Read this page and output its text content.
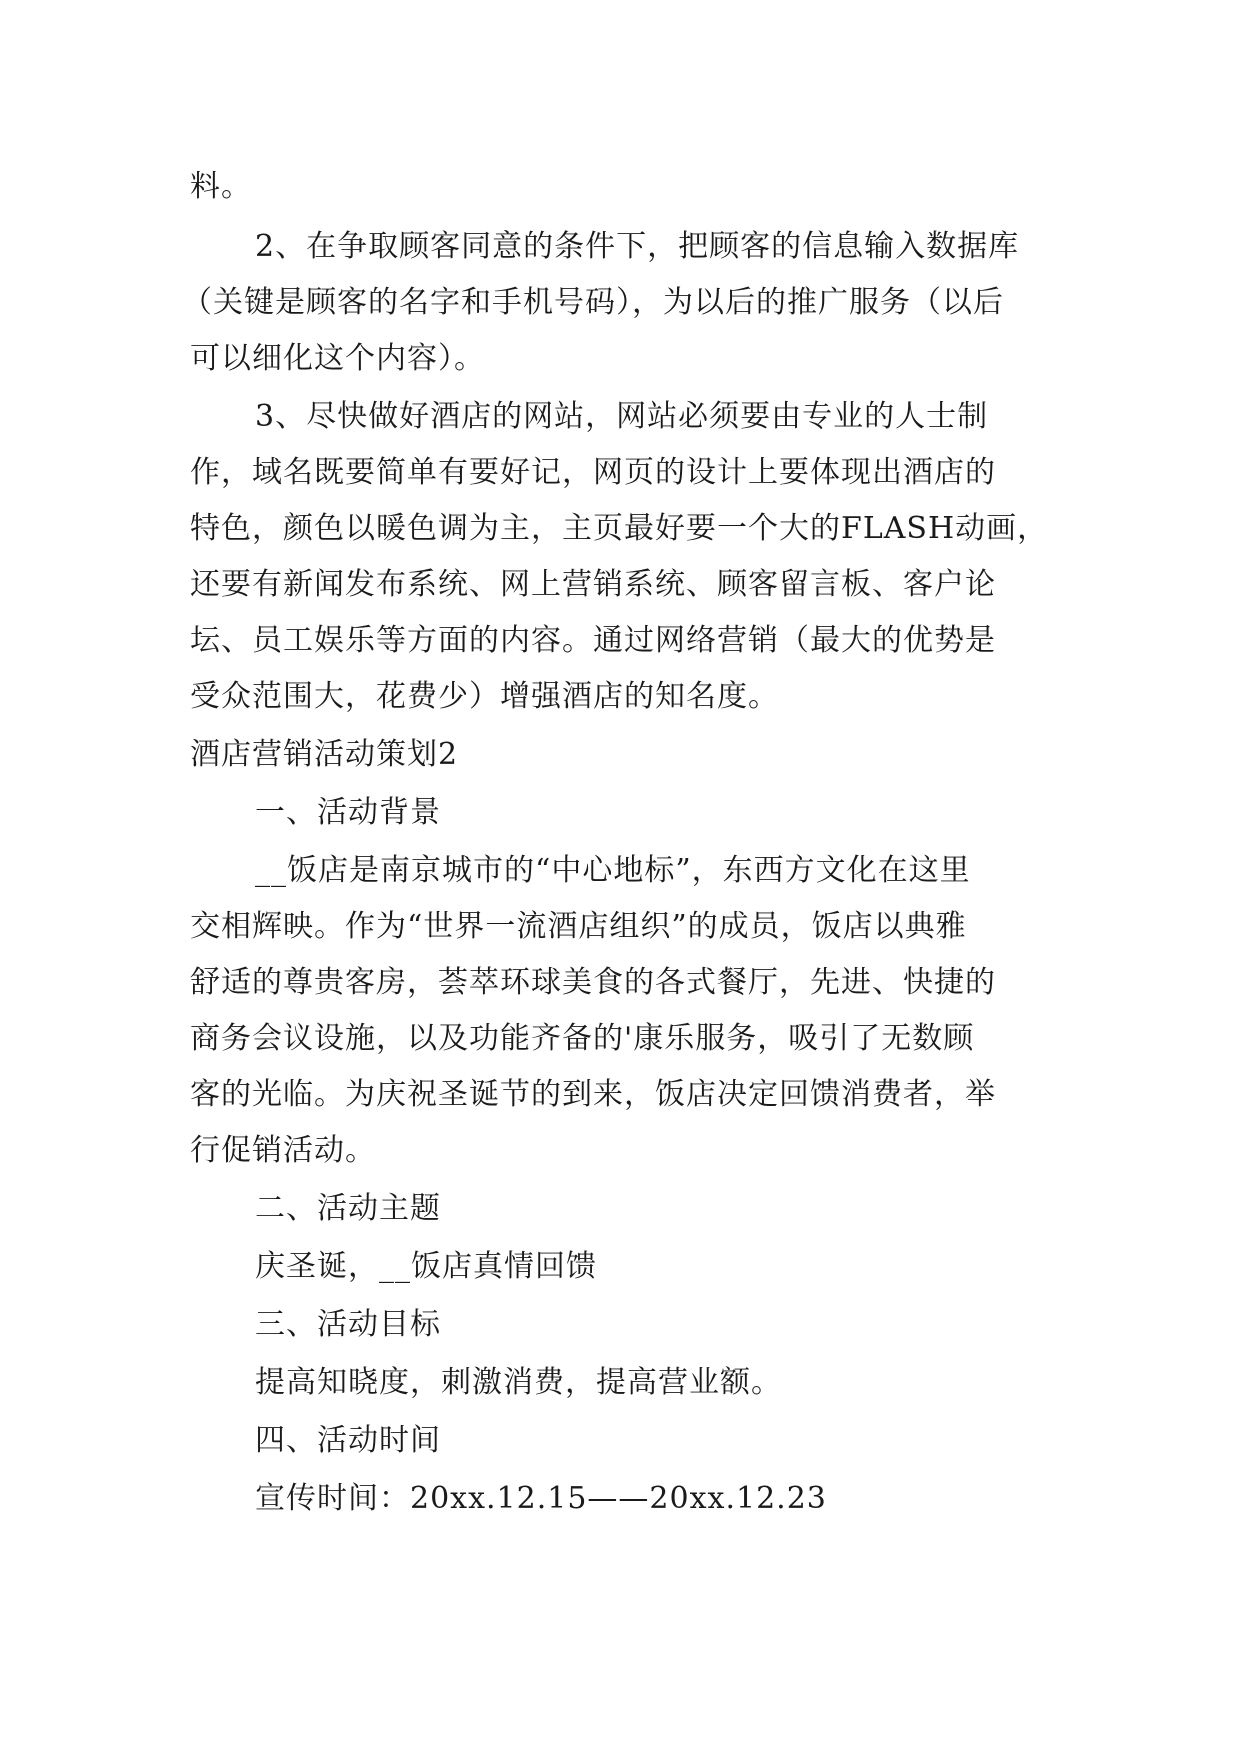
料。
2、在争取顾客同意的条件下，把顾客的信息输入数据库
（关键是顾客的名字和手机号码），为以后的推广服务（以后
可以细化这个内容）。
3、尽快做好酒店的网站，网站必须要由专业的人士制
作，域名既要简单有要好记，网页的设计上要体现出酒店的
特色，颜色以暖色调为主，主页最好要一个大的FLASH动画，
还要有新闻发布系统、网上营销系统、顾客留言板、客户论
坛、员工娱乐等方面的内容。通过网络营销（最大的优势是
受众范围大，花费少）增强酒店的知名度。
酒店营销活动策划2
一、活动背景
__饭店是南京城市的“中心地标”，东西方文化在这里
交相辉映。作为“世界一流酒店组织”的成员，饭店以典雅
舒适的尊贵客房，荟萃环球美食的各式餐厅，先进、快捷的
商务会议设施，以及功能齐备的'康乐服务，吸引了无数顾
客的光临。为庆祝圣诞节的到来，饭店决定回馈消费者，举
行促销活动。
二、活动主题
庆圣诞，__饭店真情回馈
三、活动目标
提高知晓度，刺激消费，提高营业额。
四、活动时间
宣传时间：20xx.12.15——20xx.12.23
